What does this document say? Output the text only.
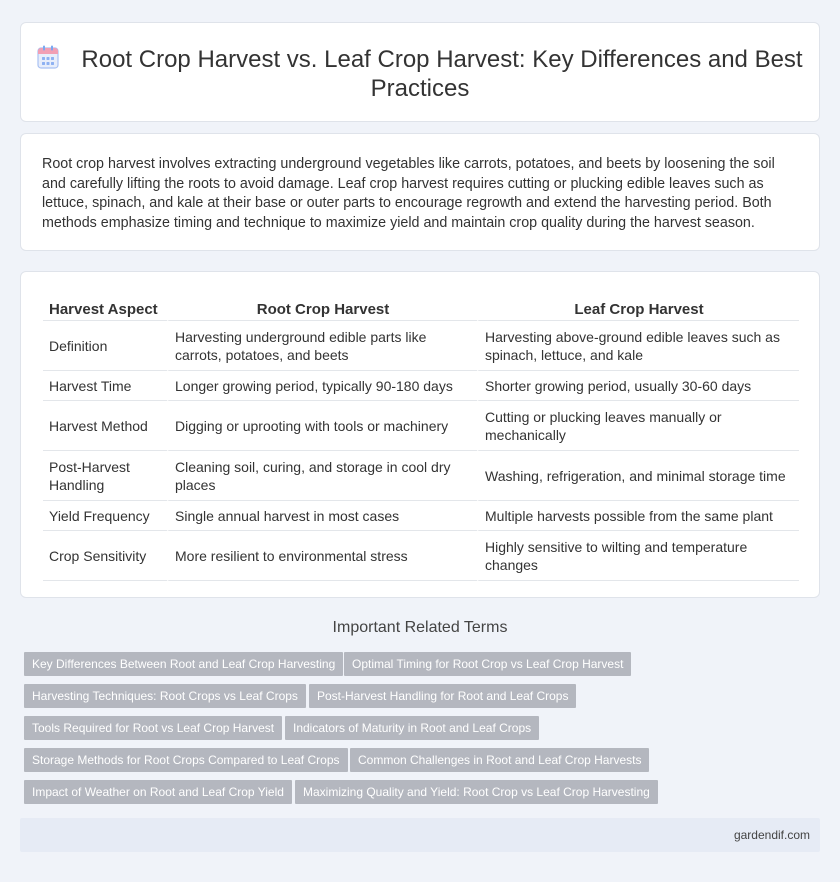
Root Crop Harvest vs. Leaf Crop Harvest: Key Differences and Best Practices

Root crop harvest involves extracting underground vegetables like carrots, potatoes, and beets by loosening the soil and carefully lifting the roots to avoid damage. Leaf crop harvest requires cutting or plucking edible leaves such as lettuce, spinach, and kale at their base or outer parts to encourage regrowth and extend the harvesting period. Both methods emphasize timing and technique to maximize yield and maintain crop quality during the harvest season.

Harvest Aspect	Root Crop Harvest	Leaf Crop Harvest
Definition	Harvesting underground edible parts like carrots, potatoes, and beets	Harvesting above-ground edible leaves such as spinach, lettuce, and kale
Harvest Time	Longer growing period, typically 90-180 days	Shorter growing period, usually 30-60 days
Harvest Method	Digging or uprooting with tools or machinery	Cutting or plucking leaves manually or mechanically
Post-Harvest Handling	Cleaning soil, curing, and storage in cool dry places	Washing, refrigeration, and minimal storage time
Yield Frequency	Single annual harvest in most cases	Multiple harvests possible from the same plant
Crop Sensitivity	More resilient to environmental stress	Highly sensitive to wilting and temperature changes
Important Related Terms
Key Differences Between Root and Leaf Crop Harvesting	Optimal Timing for Root Crop vs Leaf Crop Harvest
Harvesting Techniques: Root Crops vs Leaf Crops	Post-Harvest Handling for Root and Leaf Crops
Tools Required for Root vs Leaf Crop Harvest	Indicators of Maturity in Root and Leaf Crops
Storage Methods for Root Crops Compared to Leaf Crops	Common Challenges in Root and Leaf Crop Harvests
Impact of Weather on Root and Leaf Crop Yield	Maximizing Quality and Yield: Root Crop vs Leaf Crop Harvesting
gardendif.com
